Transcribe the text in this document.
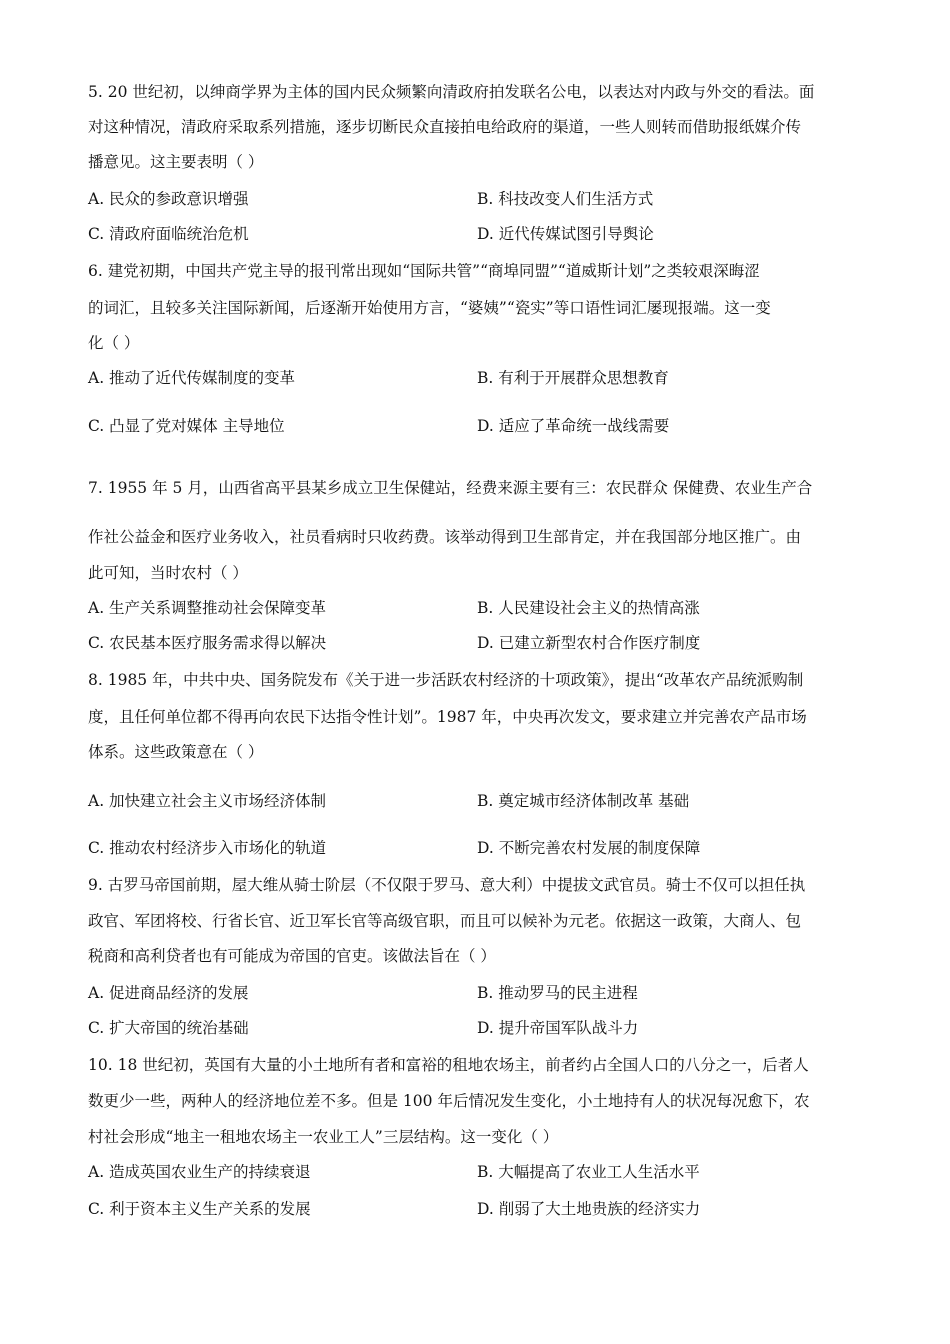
5. 20 世纪初，以绅商学界为主体的国内民众频繁向清政府拍发联名公电，以表达对内政与外交的看法。面
对这种情况，清政府采取系列措施，逐步切断民众直接拍电给政府的渠道，一些人则转而借助报纸媒介传
播意见。这主要表明（ ）
A. 民众的参政意识增强	B. 科技改变人们生活方式
C. 清政府面临统治危机	D. 近代传媒试图引导舆论
6. 建党初期，中国共产党主导的报刊常出现如“国际共管”“商埠同盟”“道威斯计划”之类较艰深晦涩
的词汇，且较多关注国际新闻，后逐渐开始使用方言，“婆姨”“瓷实”等口语性词汇屡现报端。这一变
化（ ）
A. 推动了近代传媒制度的变革	B. 有利于开展群众思想教育
C. 凸显了党对媒体 主导地位	D. 适应了革命统一战线需要
7. 1955 年 5 月，山西省高平县某乡成立卫生保健站，经费来源主要有三：农民群众 保健费、农业生产合
作社公益金和医疗业务收入，社员看病时只收药费。该举动得到卫生部肯定，并在我国部分地区推广。由
此可知，当时农村（ ）
A. 生产关系调整推动社会保障变革	B. 人民建设社会主义的热情高涨
C. 农民基本医疗服务需求得以解决	D. 已建立新型农村合作医疗制度
8. 1985 年，中共中央、国务院发布《关于进一步活跃农村经济的十项政策》，提出“改革农产品统派购制
度，且任何单位都不得再向农民下达指令性计划”。1987 年，中央再次发文，要求建立并完善农产品市场
体系。这些政策意在（ ）
A. 加快建立社会主义市场经济体制	B. 奠定城市经济体制改革 基础
C. 推动农村经济步入市场化的轨道	D. 不断完善农村发展的制度保障
9. 古罗马帝国前期，屋大维从骑士阶层（不仅限于罗马、意大利）中提拔文武官员。骑士不仅可以担任执
政官、军团将校、行省长官、近卫军长官等高级官职，而且可以候补为元老。依据这一政策，大商人、包
税商和高利贷者也有可能成为帝国的官吏。该做法旨在（ ）
A. 促进商品经济的发展	B. 推动罗马的民主进程
C. 扩大帝国的统治基础	D. 提升帝国军队战斗力
10. 18 世纪初，英国有大量的小土地所有者和富裕的租地农场主，前者约占全国人口的八分之一，后者人
数更少一些，两种人的经济地位差不多。但是 100 年后情况发生变化，小土地持有人的状况每况愈下，农
村社会形成“地主一租地农场主一农业工人”三层结构。这一变化（ ）
A. 造成英国农业生产的持续衰退	B. 大幅提高了农业工人生活水平
C. 利于资本主义生产关系的发展	D. 削弱了大土地贵族的经济实力
